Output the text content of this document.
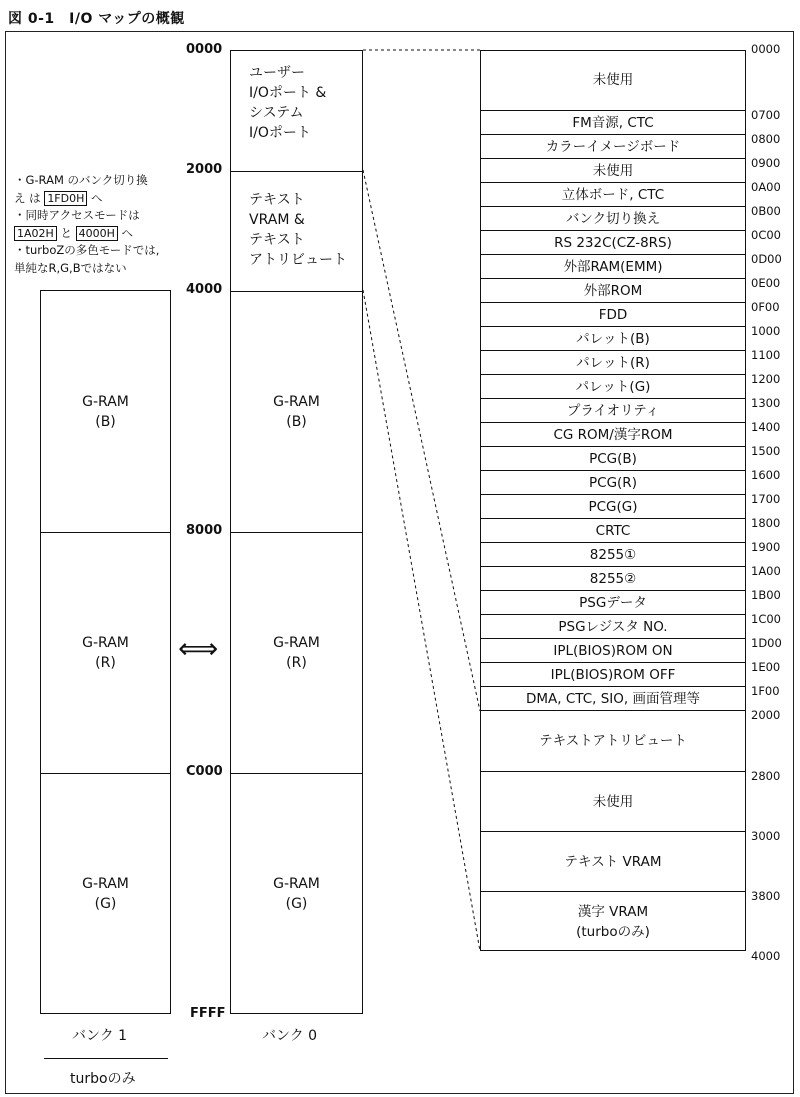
図 0-1　I/O マップの概観
・G-RAM のバンク切り換
え は 1FD0H へ
・同時アクセスモードは
1A02H と 4000H へ
・turboZの多色モードでは,
単純なR,G,Bではない
G-RAM
(B)
G-RAM
(R)
G-RAM
(G)
バンク 1
turboのみ
⟺
ユーザー
I/Oポート &
システム
I/Oポート
テキスト
VRAM &
テキスト
アトリビュート
G-RAM
(B)
G-RAM
(R)
G-RAM
(G)
0000
2000
4000
8000
C000
FFFF
バンク 0
未使用
FM音源, CTC
カラーイメージボード
未使用
立体ボード, CTC
バンク切り換え
RS 232C(CZ-8RS)
外部RAM(EMM)
外部ROM
FDD
パレット(B)
パレット(R)
パレット(G)
プライオリティ
CG ROM/漢字ROM
PCG(B)
PCG(R)
PCG(G)
CRTC
8255①
8255②
PSGデータ
PSGレジスタ NO.
IPL(BIOS)ROM ON
IPL(BIOS)ROM OFF
DMA, CTC, SIO, 画面管理等
テキストアトリビュート
未使用
テキスト VRAM
漢字 VRAM
(turboのみ)
0000
0700
0800
0900
0A00
0B00
0C00
0D00
0E00
0F00
1000
1100
1200
1300
1400
1500
1600
1700
1800
1900
1A00
1B00
1C00
1D00
1E00
1F00
2000
2800
3000
3800
4000
